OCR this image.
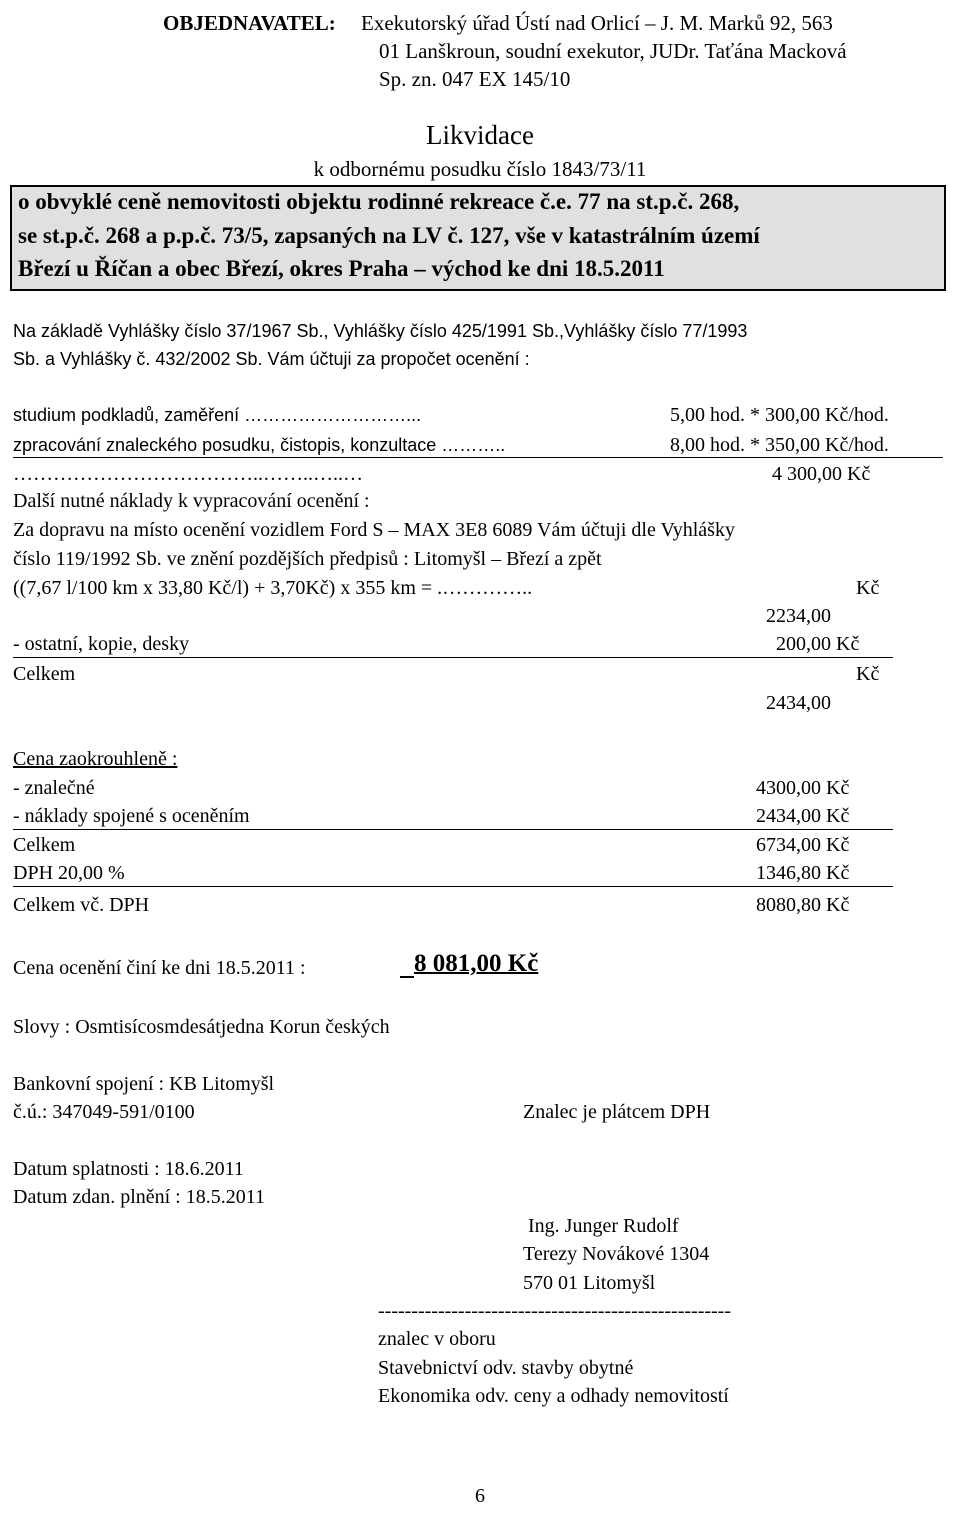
OBJEDNAVATEL: Exekutorský úřad Ústí nad Orlicí – J. M. Marků 92, 563
01 Lanškroun, soudní exekutor, JUDr. Taťána Macková
Sp. zn. 047 EX 145/10
Likvidace
k odbornému posudku číslo 1843/73/11
o obvyklé ceně nemovitosti objektu rodinné rekreace č.e. 77 na st.p.č. 268,
se st.p.č. 268 a p.p.č. 73/5, zapsaných na LV č. 127, vše v katastrálním území
Březí u Říčan a obec Březí, okres Praha – východ ke dni 18.5.2011
Na základě Vyhlášky číslo 37/1967 Sb., Vyhlášky číslo 425/1991 Sb.,Vyhlášky číslo 77/1993
Sb. a Vyhlášky č. 432/2002 Sb. Vám účtuji za propočet ocenění :
studium podkladů, zaměření ………………………...	5,00 hod. * 300,00 Kč/hod.
zpracování znaleckého posudku, čistopis, konzultace ………..	8,00 hod. * 350,00 Kč/hod.
………………………………..……..…..…	4 300,00 Kč
Další nutné náklady k vypracování ocenění :
Za dopravu na místo ocenění vozidlem Ford S – MAX 3E8 6089 Vám účtuji dle Vyhlášky
číslo 119/1992 Sb. ve znění pozdějších předpisů : Litomyšl – Březí a zpět
((7,67 l/100 km x 33,80 Kč/l) + 3,70Kč) x 355 km = .…………..	Kč
2234,00
- ostatní, kopie, desky	200,00 Kč
Celkem	Kč
2434,00
Cena zaokrouhleně :
- znalečné	4300,00 Kč
- náklady spojené s oceněním	2434,00 Kč
Celkem	6734,00 Kč
DPH 20,00 %	1346,80 Kč
Celkem vč. DPH	8080,80 Kč
Cena ocenění činí ke dni 18.5.2011 :	8 081,00 Kč
Slovy : Osmtisícosmdesátjedna Korun českých
Bankovní spojení : KB Litomyšl
č.ú.: 347049-591/0100	Znalec je plátcem DPH
Datum splatnosti : 18.6.2011
Datum zdan. plnění : 18.5.2011
Ing. Junger Rudolf
Terezy Novákové 1304
570 01 Litomyšl
-----------------------------------------------------
znalec v oboru
Stavebnictví odv. stavby obytné
Ekonomika odv. ceny a odhady nemovitostí
6
